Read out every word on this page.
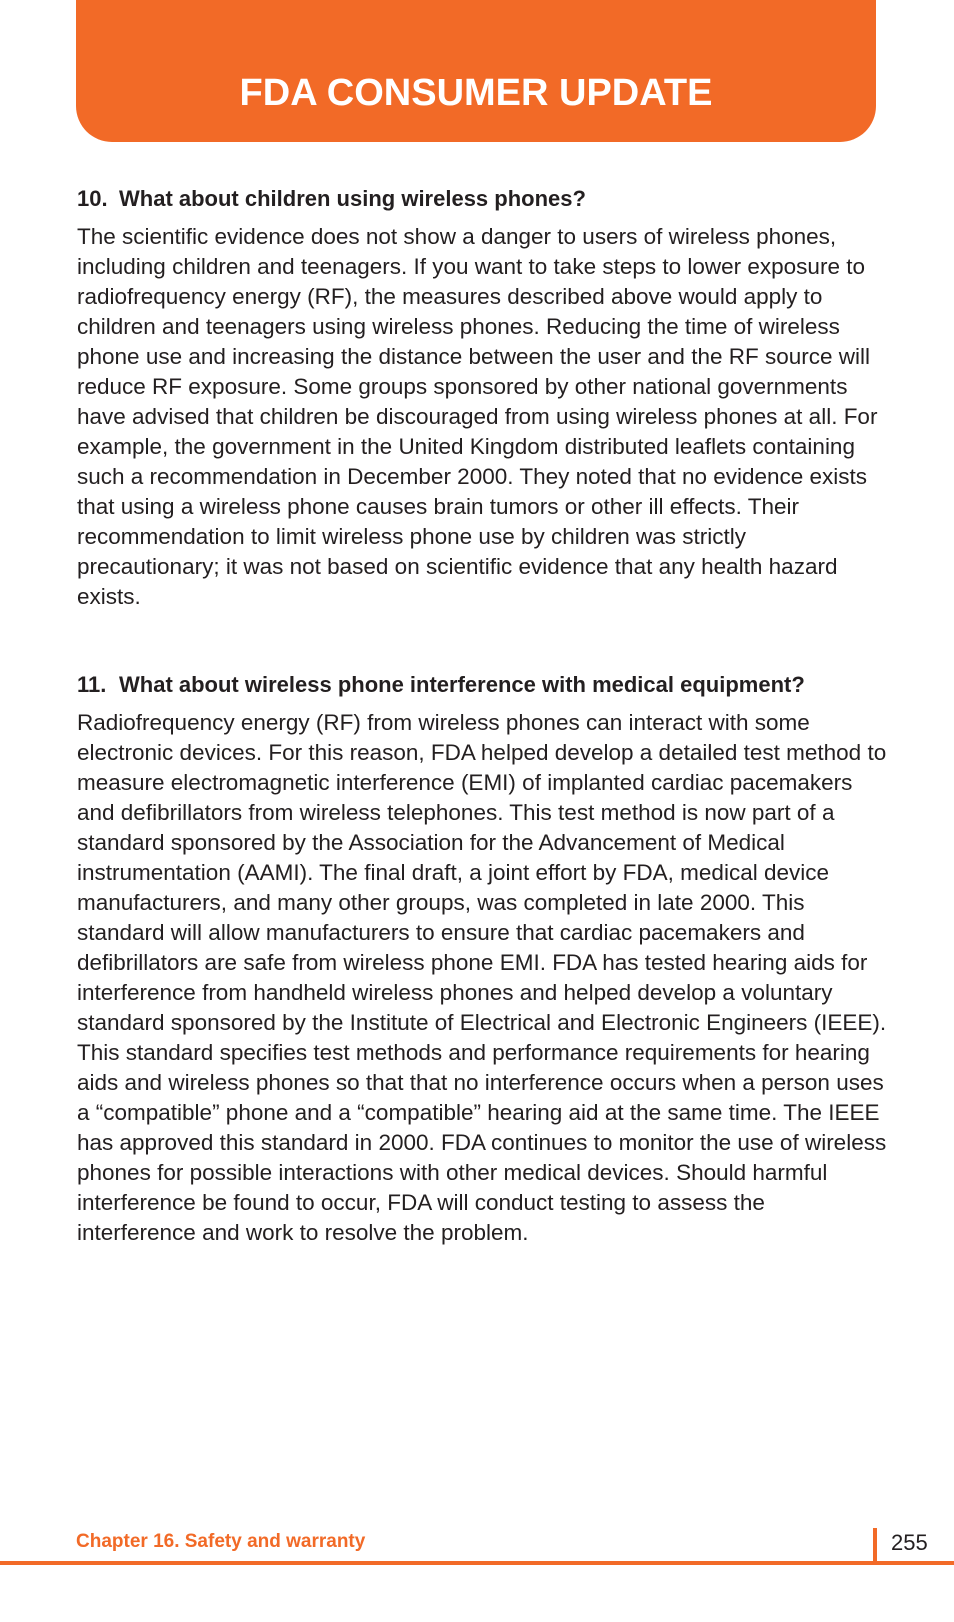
FDA CONSUMER UPDATE
10. What about children using wireless phones?

The scientific evidence does not show a danger to users of wireless phones, including children and teenagers. If you want to take steps to lower exposure to radiofrequency energy (RF), the measures described above would apply to children and teenagers using wireless phones. Reducing the time of wireless phone use and increasing the distance between the user and the RF source will reduce RF exposure. Some groups sponsored by other national governments have advised that children be discouraged from using wireless phones at all. For example, the government in the United Kingdom distributed leaflets containing such a recommendation in December 2000. They noted that no evidence exists that using a wireless phone causes brain tumors or other ill effects. Their recommendation to limit wireless phone use by children was strictly precautionary; it was not based on scientific evidence that any health hazard exists.

11. What about wireless phone interference with medical equipment?

Radiofrequency energy (RF) from wireless phones can interact with some electronic devices. For this reason, FDA helped develop a detailed test method to measure electromagnetic interference (EMI) of implanted cardiac pacemakers and defibrillators from wireless telephones. This test method is now part of a standard sponsored by the Association for the Advancement of Medical instrumentation (AAMI). The final draft, a joint effort by FDA, medical device manufacturers, and many other groups, was completed in late 2000. This standard will allow manufacturers to ensure that cardiac pacemakers and defibrillators are safe from wireless phone EMI. FDA has tested hearing aids for interference from handheld wireless phones and helped develop a voluntary standard sponsored by the Institute of Electrical and Electronic Engineers (IEEE). This standard specifies test methods and performance requirements for hearing aids and wireless phones so that that no interference occurs when a person uses a “compatible” phone and a “compatible” hearing aid at the same time. The IEEE has approved this standard in 2000. FDA continues to monitor the use of wireless phones for possible interactions with other medical devices. Should harmful interference be found to occur, FDA will conduct testing to assess the interference and work to resolve the problem.

Chapter 16. Safety and warranty	255
